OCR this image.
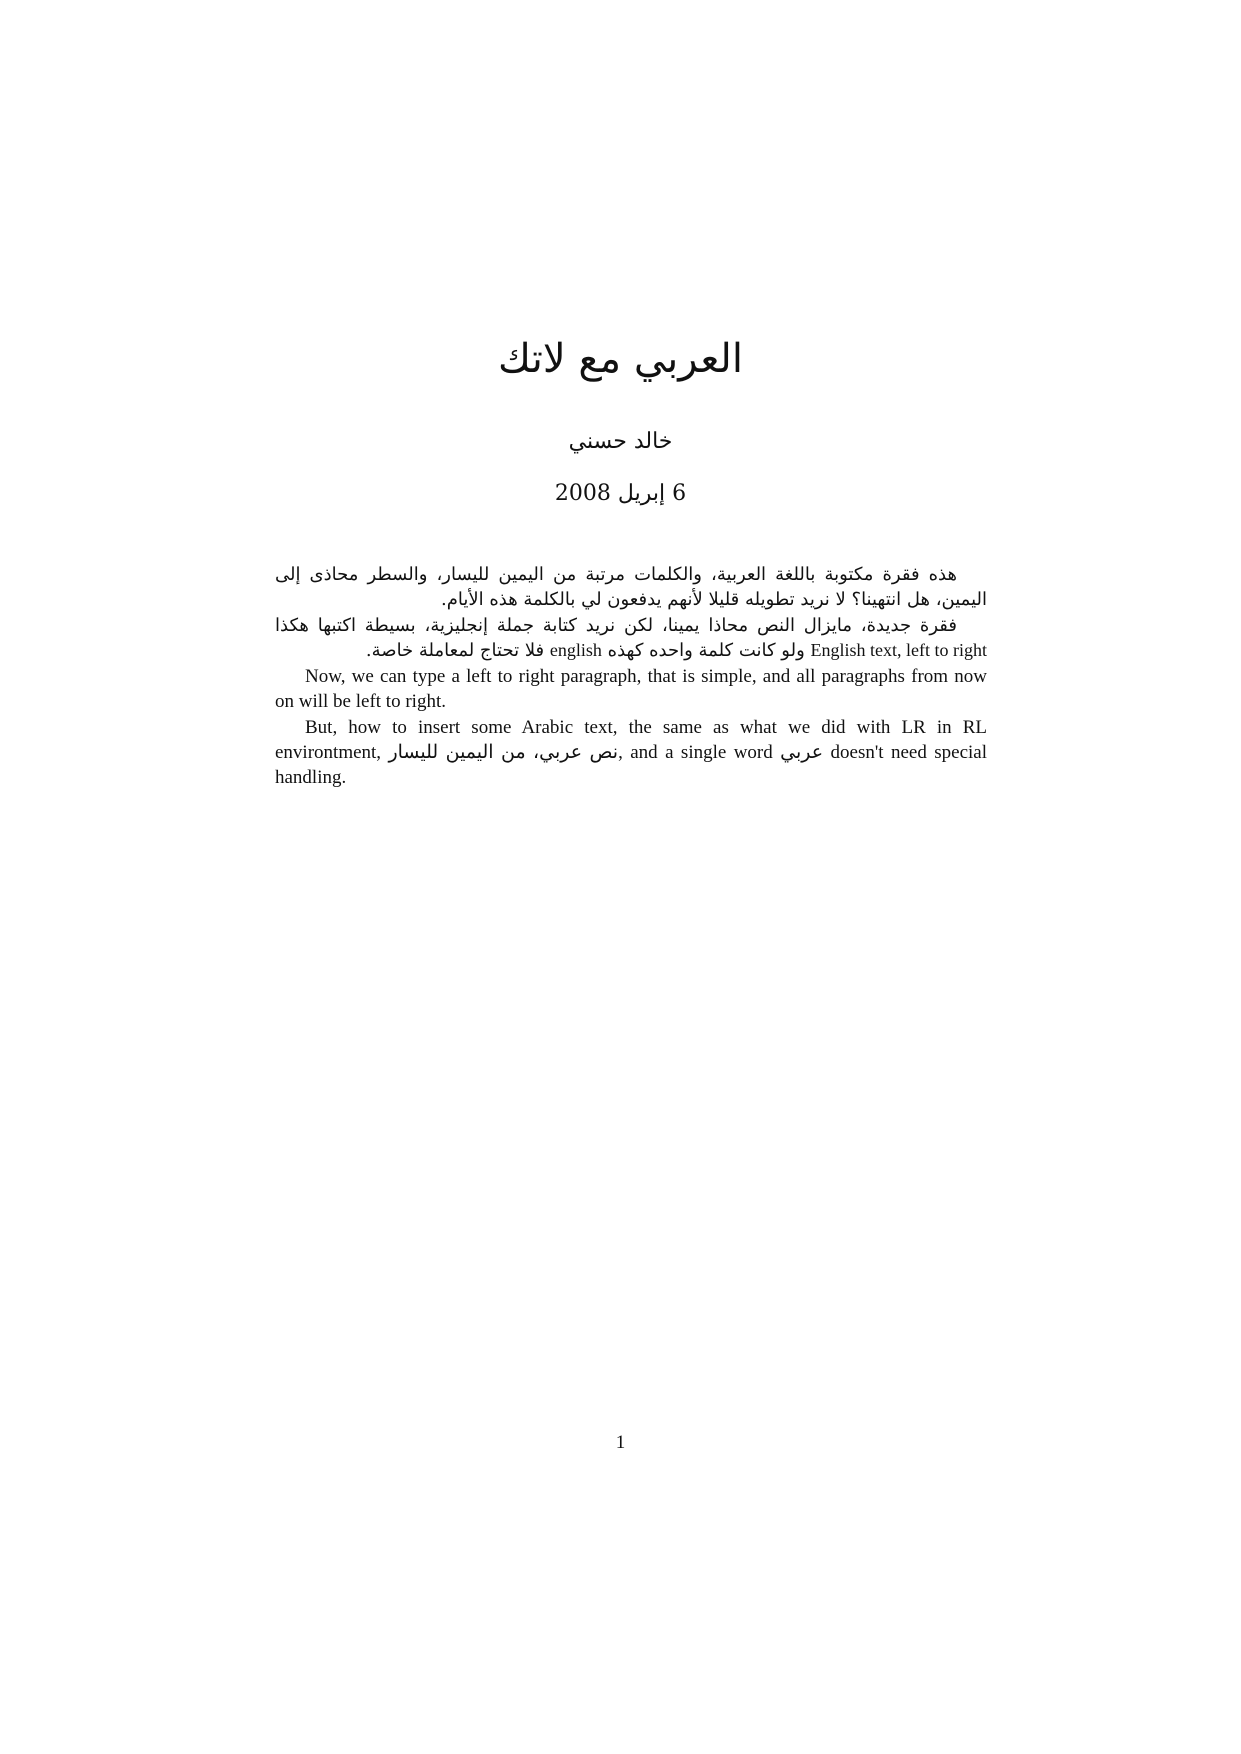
العربي مع لاتك
خالد حسني
6 إبريل 2008

هذه فقرة مكتوبة باللغة العربية، والكلمات مرتبة من اليمين لليسار، والسطر محاذى إلى اليمين، هل انتهينا؟ لا نريد تطويله قليلا لأنهم يدفعون لي بالكلمة هذه الأيام.

فقرة جديدة، مايزال النص محاذا يمينا، لكن نريد كتابة جملة إنجليزية، بسيطة اكتبها هكذا English text, left to right ولو كانت كلمة واحده كهذه english فلا تحتاج لمعاملة خاصة.

Now, we can type a left to right paragraph, that is simple, and all paragraphs from now on will be left to right.

But, how to insert some Arabic text, the same as what we did with LR in RL environtment, نص عربي، من اليمين لليسار, and a single word عربي doesn't need special handling.

1
